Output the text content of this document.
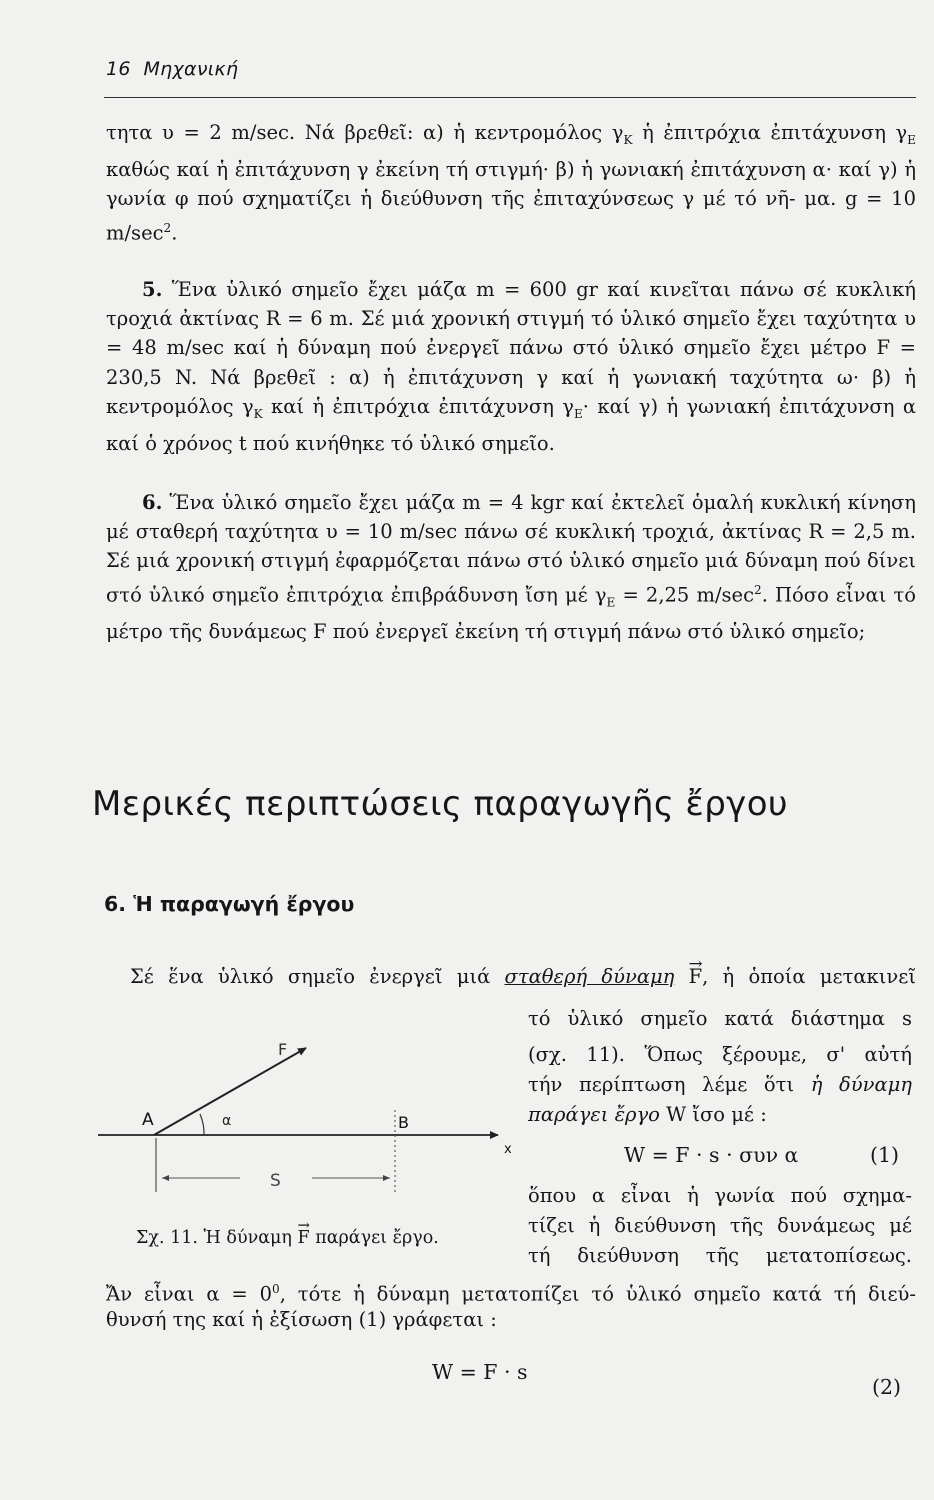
16 Μηχανική

τητα υ = 2 m/sec. Νά βρεθεῖ: α) ἡ κεντρομόλος $\gamma_K$ ἡ ἐπιτρόχια ἐπιτάχυνση $\gamma_E$ καθώς καί ἡ ἐπιτάχυνση γ ἐκείνη τή στιγμή· β) ἡ γωνιακή ἐπιτάχυνση α· καί γ) ἡ γωνία φ πού σχηματίζει ἡ διεύθυνση τῆς ἐπιταχύνσεως γ μέ τό νῆ- μα. g = 10 $m/\sec^2$.

5. Ἕνα ὑλικό σημεῖο ἔχει μάζα m = 600 gr καί κινεῖται πάνω σέ κυκλική τροχιά ἀκτίνας R = 6 m. Σέ μιά χρονική στιγμή τό ὑλικό σημεῖο ἔχει ταχύτητα υ = 48 m/sec καί ἡ δύναμη πού ἐνεργεῖ πάνω στό ὑλικό σημεῖο ἔχει μέτρο F = 230,5 N. Νά βρεθεῖ : α) ἡ ἐπιτάχυνση γ καί ἡ γωνιακή ταχύτητα ω· β) ἡ κεντρομόλος $\gamma_K$ καί ἡ ἐπιτρόχια ἐπιτάχυνση $\gamma_E\cdot \kappa\alpha ί$ γ) ἡ γωνιακή ἐπιτάχυνση α καί ὁ χρόνος t πού κινήθηκε τό ὑλικό σημεῖο.

6. Ἕνα ὑλικό σημεῖο ἔχει μάζα m = 4 kgr καί ἐκτελεῖ ὁμαλή κυκλική κίνηση μέ σταθερή ταχύτητα υ = 10 m/sec πάνω σέ κυκλική τροχιά, ἀκτίνας R = 2,5 m. Σέ μιά χρονική στιγμή ἐφαρμόζεται πάνω στό ὑλικό σημεῖο μιά δύναμη πού δίνει στό ὑλικό σημεῖο ἐπιτρόχια ἐπιβράδυνση ἴση μέ $\gamma_E = 2,25$ $m/\sec^2$. Πόσο εἶναι τό μέτρο τῆς δυνάμεως F πού ἐνεργεῖ ἐκείνη τή στιγμή πάνω στό ὑλικό σημεῖο;

Μερικές περιπτώσεις παραγωγῆς ἔργου
6. Ἡ παραγωγή ἔργου
Σέ ἕνα ὑλικό σημεῖο ἐνεργεῖ μιά σταθερή δύναμη → F, ἡ ὁποία μετακινεῖ
τό ὑλικό σημεῖο κατά διάστημα s
(σχ. 11). Ὅπως ξέρουμε, σ' αὐτή
τήν περίπτωση λέμε ὅτι ἡ δύναμη
παράγει ἔργο W ἴσο μέ :
W = F · s · συν α	(1)
ὅπου α εἶναι ἡ γωνία πού σχημα-
τίζει ἡ διεύθυνση τῆς δυνάμεως μέ
τή διεύθυνση τῆς μετατοπίσεως.
Ἄν εἶναι $\alpha = 0^0$, τότε ἡ δύναμη μετατοπίζει τό ὑλικό σημεῖο κατά τή διεύ-
θυνσή της καί ἡ ἐξίσωση (1) γράφεται :
W = F · s
(2)
F
A	α	B
x
S
Σχ. 11. Ἡ δύναμη → F παράγει ἔργο.
